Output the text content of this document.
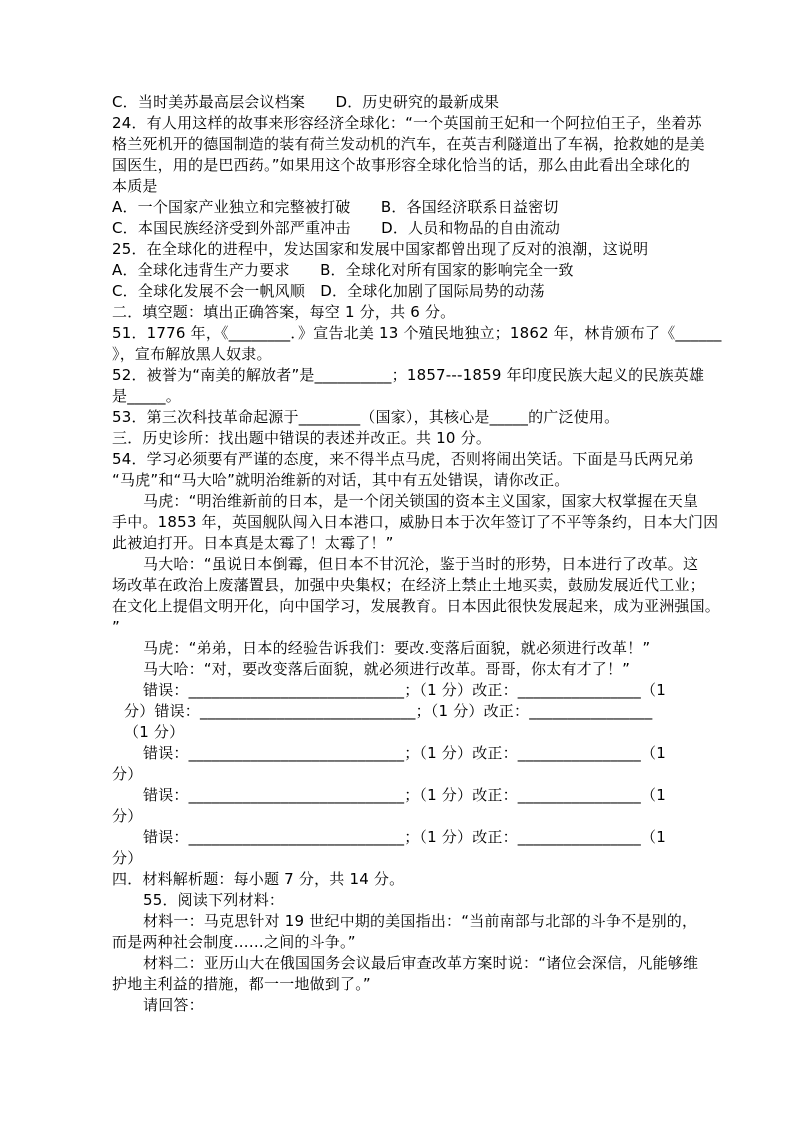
C．当时美苏最高层会议档案　　D．历史研究的最新成果
24．有人用这样的故事来形容经济全球化：“一个英国前王妃和一个阿拉伯王子，坐着苏
格兰死机开的德国制造的装有荷兰发动机的汽车，在英吉利隧道出了车祸，抢救她的是美
国医生，用的是巴西药。”如果用这个故事形容全球化恰当的话，那么由此看出全球化的
本质是
A．一个国家产业独立和完整被打破　　B．各国经济联系日益密切
C．本国民族经济受到外部严重冲击　　D．人员和物品的自由流动
25．在全球化的进程中，发达国家和发展中国家都曾出现了反对的浪潮，这说明
A．全球化违背生产力要求　　B．全球化对所有国家的影响完全一致
C．全球化发展不会一帆风顺　D．全球化加剧了国际局势的动荡
二．填空题：填出正确答案，每空 1 分，共 6 分。
51．1776 年，《________．》宣告北美 13 个殖民地独立；1862 年，林肯颁布了《______
》，宣布解放黑人奴隶。
52．被誉为“南美的解放者”是__________；1857---1859 年印度民族大起义的民族英雄
是_____。
53．第三次科技革命起源于________（国家），其核心是_____的广泛使用。
三．历史诊所：找出题中错误的表述并改正。共 10 分。
54．学习必须要有严谨的态度，来不得半点马虎，否则将闹出笑话。下面是马氏两兄弟
“马虎”和“马大哈”就明治维新的对话，其中有五处错误，请你改正。
马虎：“明治维新前的日本，是一个闭关锁国的资本主义国家，国家大权掌握在天皇
手中。1853 年，英国舰队闯入日本港口，威胁日本于次年签订了不平等条约，日本大门因
此被迫打开。日本真是太霉了！太霉了！”
马大哈：“虽说日本倒霉，但日本不甘沉沦，鉴于当时的形势，日本进行了改革。这
场改革在政治上废藩置县，加强中央集权；在经济上禁止土地买卖，鼓励发展近代工业；
在文化上提倡文明开化，向中国学习，发展教育。日本因此很快发展起来，成为亚洲强国。
”
马虎：“弟弟，日本的经验告诉我们：要改.变落后面貌，就必须进行改革！”
马大哈：“对，要改变落后面貌，就必须进行改革。哥哥，你太有才了！”
错误：____________________________；（1 分）改正：________________（1
分）错误：____________________________；（1 分）改正：________________
（1 分）
错误：____________________________；（1 分）改正：________________（1
分）
错误：____________________________；（1 分）改正：________________（1
分）
错误：____________________________；（1 分）改正：________________（1
分）
四．材料解析题：每小题 7 分，共 14 分。
55．阅读下列材料：
材料一：马克思针对 19 世纪中期的美国指出：“当前南部与北部的斗争不是别的，
而是两种社会制度……之间的斗争。”
材料二：亚历山大在俄国国务会议最后审查改革方案时说：“诸位会深信，凡能够维
护地主利益的措施，都一一地做到了。”
请回答：
